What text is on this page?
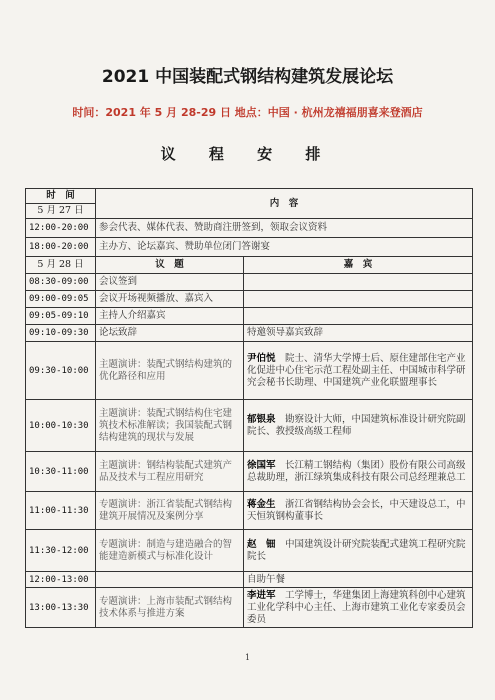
2021 中国装配式钢结构建筑发展论坛
时间：2021 年 5 月 28-29 日 地点：中国 · 杭州龙禧福朋喜来登酒店
议 程 安 排
时　间	内　容	
5 月 27 日		
12:00-20:00	参会代表、媒体代表、赞助商注册签到，领取会议资料	
18:00-20:00	主办方、论坛嘉宾、赞助单位闭门答谢宴	
5 月 28 日	议　题	嘉　宾
08:30-09:00	会议签到	
09:00-09:05	会议开场视频播放、嘉宾入	
09:05-09:10	主持人介绍嘉宾	
09:10-09:30	论坛致辞	特邀领导嘉宾致辞
09:30-10:00	主题演讲：装配式钢结构建筑的优化路径和应用	尹伯悦　 院士、清华大学博士后、原住建部住宅产业化促进中心住宅示范工程处副主任、中国城市科学研究会秘书长助理、中国建筑产业化联盟理事长
10:00-10:30	主题演讲：装配式钢结构住宅建筑技术标准解读；我国装配式钢结构建筑的现状与发展	郁银泉　 勘察设计大师，中国建筑标准设计研究院副院长、教授级高级工程师
10:30-11:00	主题演讲：钢结构装配式建筑产品及技术与工程应用研究	徐国军　 长江精工钢结构（集团）股份有限公司高级总裁助理，浙江绿筑集成科技有限公司总经理兼总工
11:00-11:30	专题演讲：浙江省装配式钢结构建筑开展情况及案例分享	蒋金生　 浙江省钢结构协会会长，中天建设总工，中天恒筑钢构董事长
11:30-12:00	专题演讲：制造与建造融合的智能建造新模式与标准化设计	赵　钿　 中国建筑设计研究院装配式建筑工程研究院院长
12:00-13:00		自助午餐
13:00-13:30	专题演讲：上海市装配式钢结构技术体系与推进方案	李进军　 工学博士，华建集团上海建筑科创中心建筑工业化学科中心主任、上海市建筑工业化专家委员会委员
1
